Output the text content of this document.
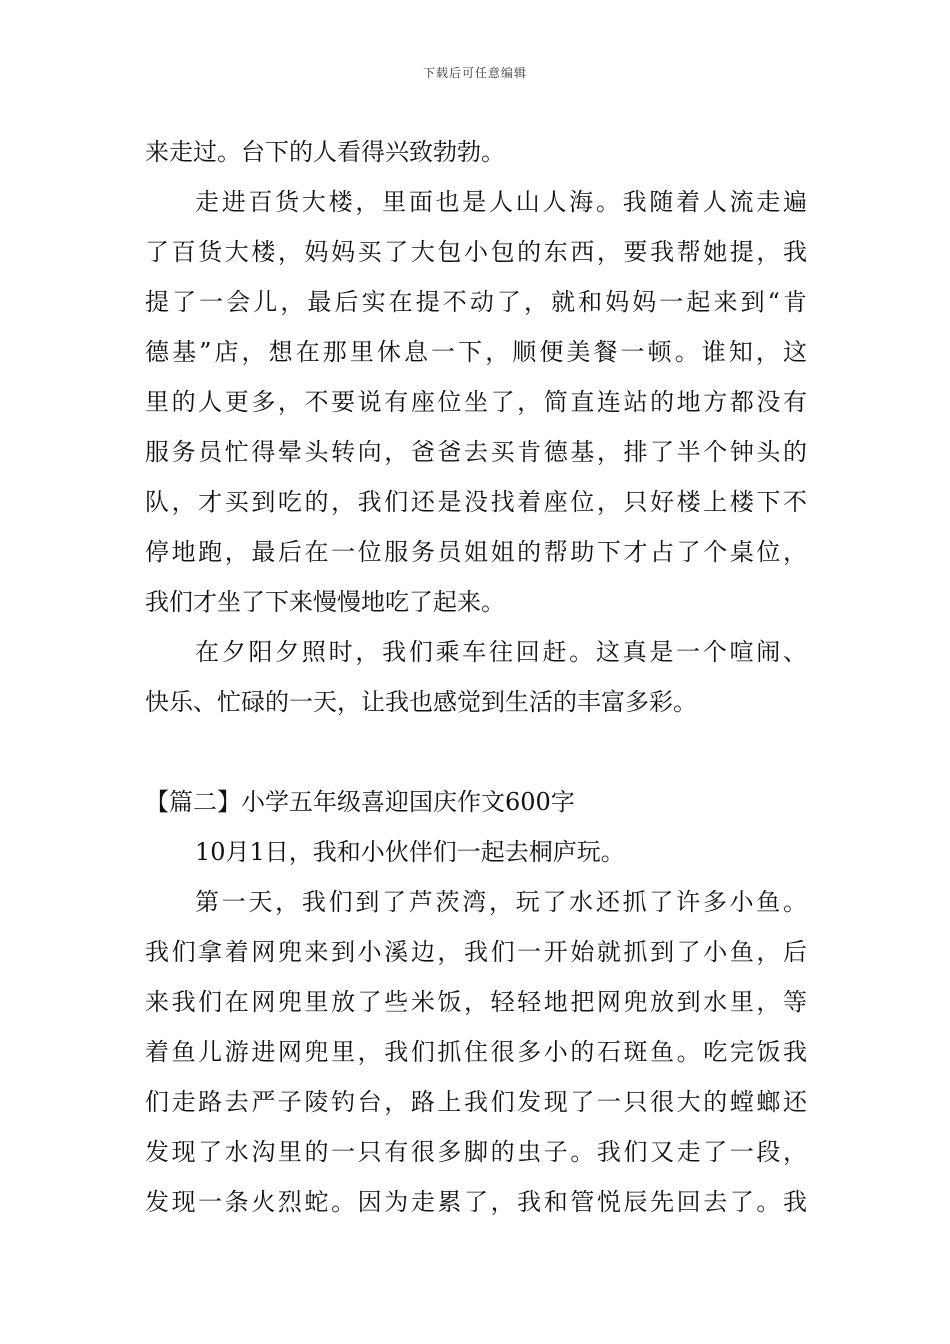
下载后可任意编辑
来走过。台下的人看得兴致勃勃。
走进百货大楼，里面也是人山人海。我随着人流走遍
了百货大楼，妈妈买了大包小包的东西，要我帮她提，我
提了一会儿，最后实在提不动了，就和妈妈一起来到“肯
德基”店，想在那里休息一下，顺便美餐一顿。谁知，这
里的人更多，不要说有座位坐了，简直连站的地方都没有
服务员忙得晕头转向，爸爸去买肯德基，排了半个钟头的
队，才买到吃的，我们还是没找着座位，只好楼上楼下不
停地跑，最后在一位服务员姐姐的帮助下才占了个桌位，
我们才坐了下来慢慢地吃了起来。
在夕阳夕照时，我们乘车往回赶。这真是一个喧闹、
快乐、忙碌的一天，让我也感觉到生活的丰富多彩。
【篇二】小学五年级喜迎国庆作文600字
10月1日，我和小伙伴们一起去桐庐玩。
第一天，我们到了芦茨湾，玩了水还抓了许多小鱼。
我们拿着网兜来到小溪边，我们一开始就抓到了小鱼，后
来我们在网兜里放了些米饭，轻轻地把网兜放到水里，等
着鱼儿游进网兜里，我们抓住很多小的石斑鱼。吃完饭我
们走路去严子陵钓台，路上我们发现了一只很大的螳螂还
发现了水沟里的一只有很多脚的虫子。我们又走了一段，
发现一条火烈蛇。因为走累了，我和管悦辰先回去了。我
